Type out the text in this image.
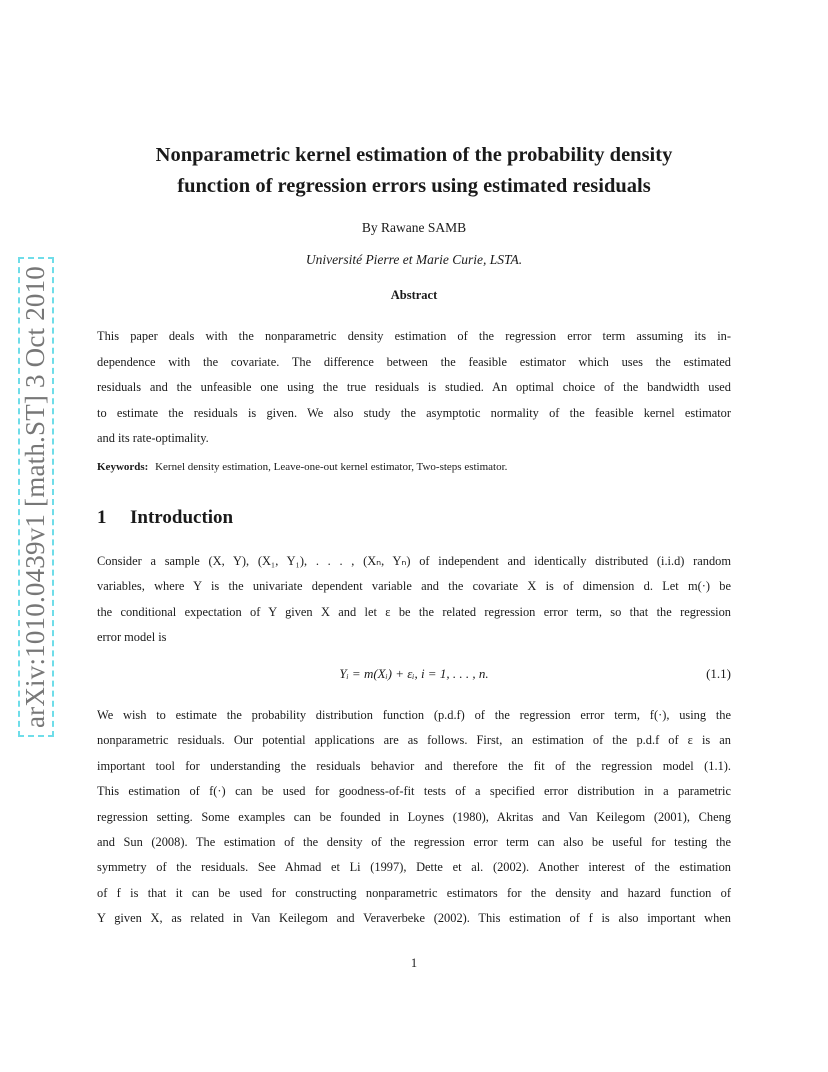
arXiv:1010.0439v1 [math.ST] 3 Oct 2010
Nonparametric kernel estimation of the probability density
function of regression errors using estimated residuals
By Rawane SAMB
Université Pierre et Marie Curie, LSTA.
Abstract
This paper deals with the nonparametric density estimation of the regression error term assuming its in-
dependence with the covariate. The difference between the feasible estimator which uses the estimated
residuals and the unfeasible one using the true residuals is studied. An optimal choice of the bandwidth used
to estimate the residuals is given. We also study the asymptotic normality of the feasible kernel estimator
and its rate-optimality.
Keywords: Kernel density estimation, Leave-one-out kernel estimator, Two-steps estimator.
1 Introduction
Consider a sample (X, Y), (X₁, Y₁), . . . , (Xₙ, Yₙ) of independent and identically distributed (i.i.d) random
variables, where Y is the univariate dependent variable and the covariate X is of dimension d. Let m(·) be
the conditional expectation of Y given X and let ε be the related regression error term, so that the regression
error model is
Yᵢ = m(Xᵢ) + εᵢ, i = 1, . . . , n.	(1.1)
We wish to estimate the probability distribution function (p.d.f) of the regression error term, f(·), using the
nonparametric residuals. Our potential applications are as follows. First, an estimation of the p.d.f of ε is an
important tool for understanding the residuals behavior and therefore the fit of the regression model (1.1).
This estimation of f(·) can be used for goodness-of-fit tests of a specified error distribution in a parametric
regression setting. Some examples can be founded in Loynes (1980), Akritas and Van Keilegom (2001), Cheng
and Sun (2008). The estimation of the density of the regression error term can also be useful for testing the
symmetry of the residuals. See Ahmad et Li (1997), Dette et al. (2002). Another interest of the estimation
of f is that it can be used for constructing nonparametric estimators for the density and hazard function of
Y given X, as related in Van Keilegom and Veraverbeke (2002). This estimation of f is also important when
1
